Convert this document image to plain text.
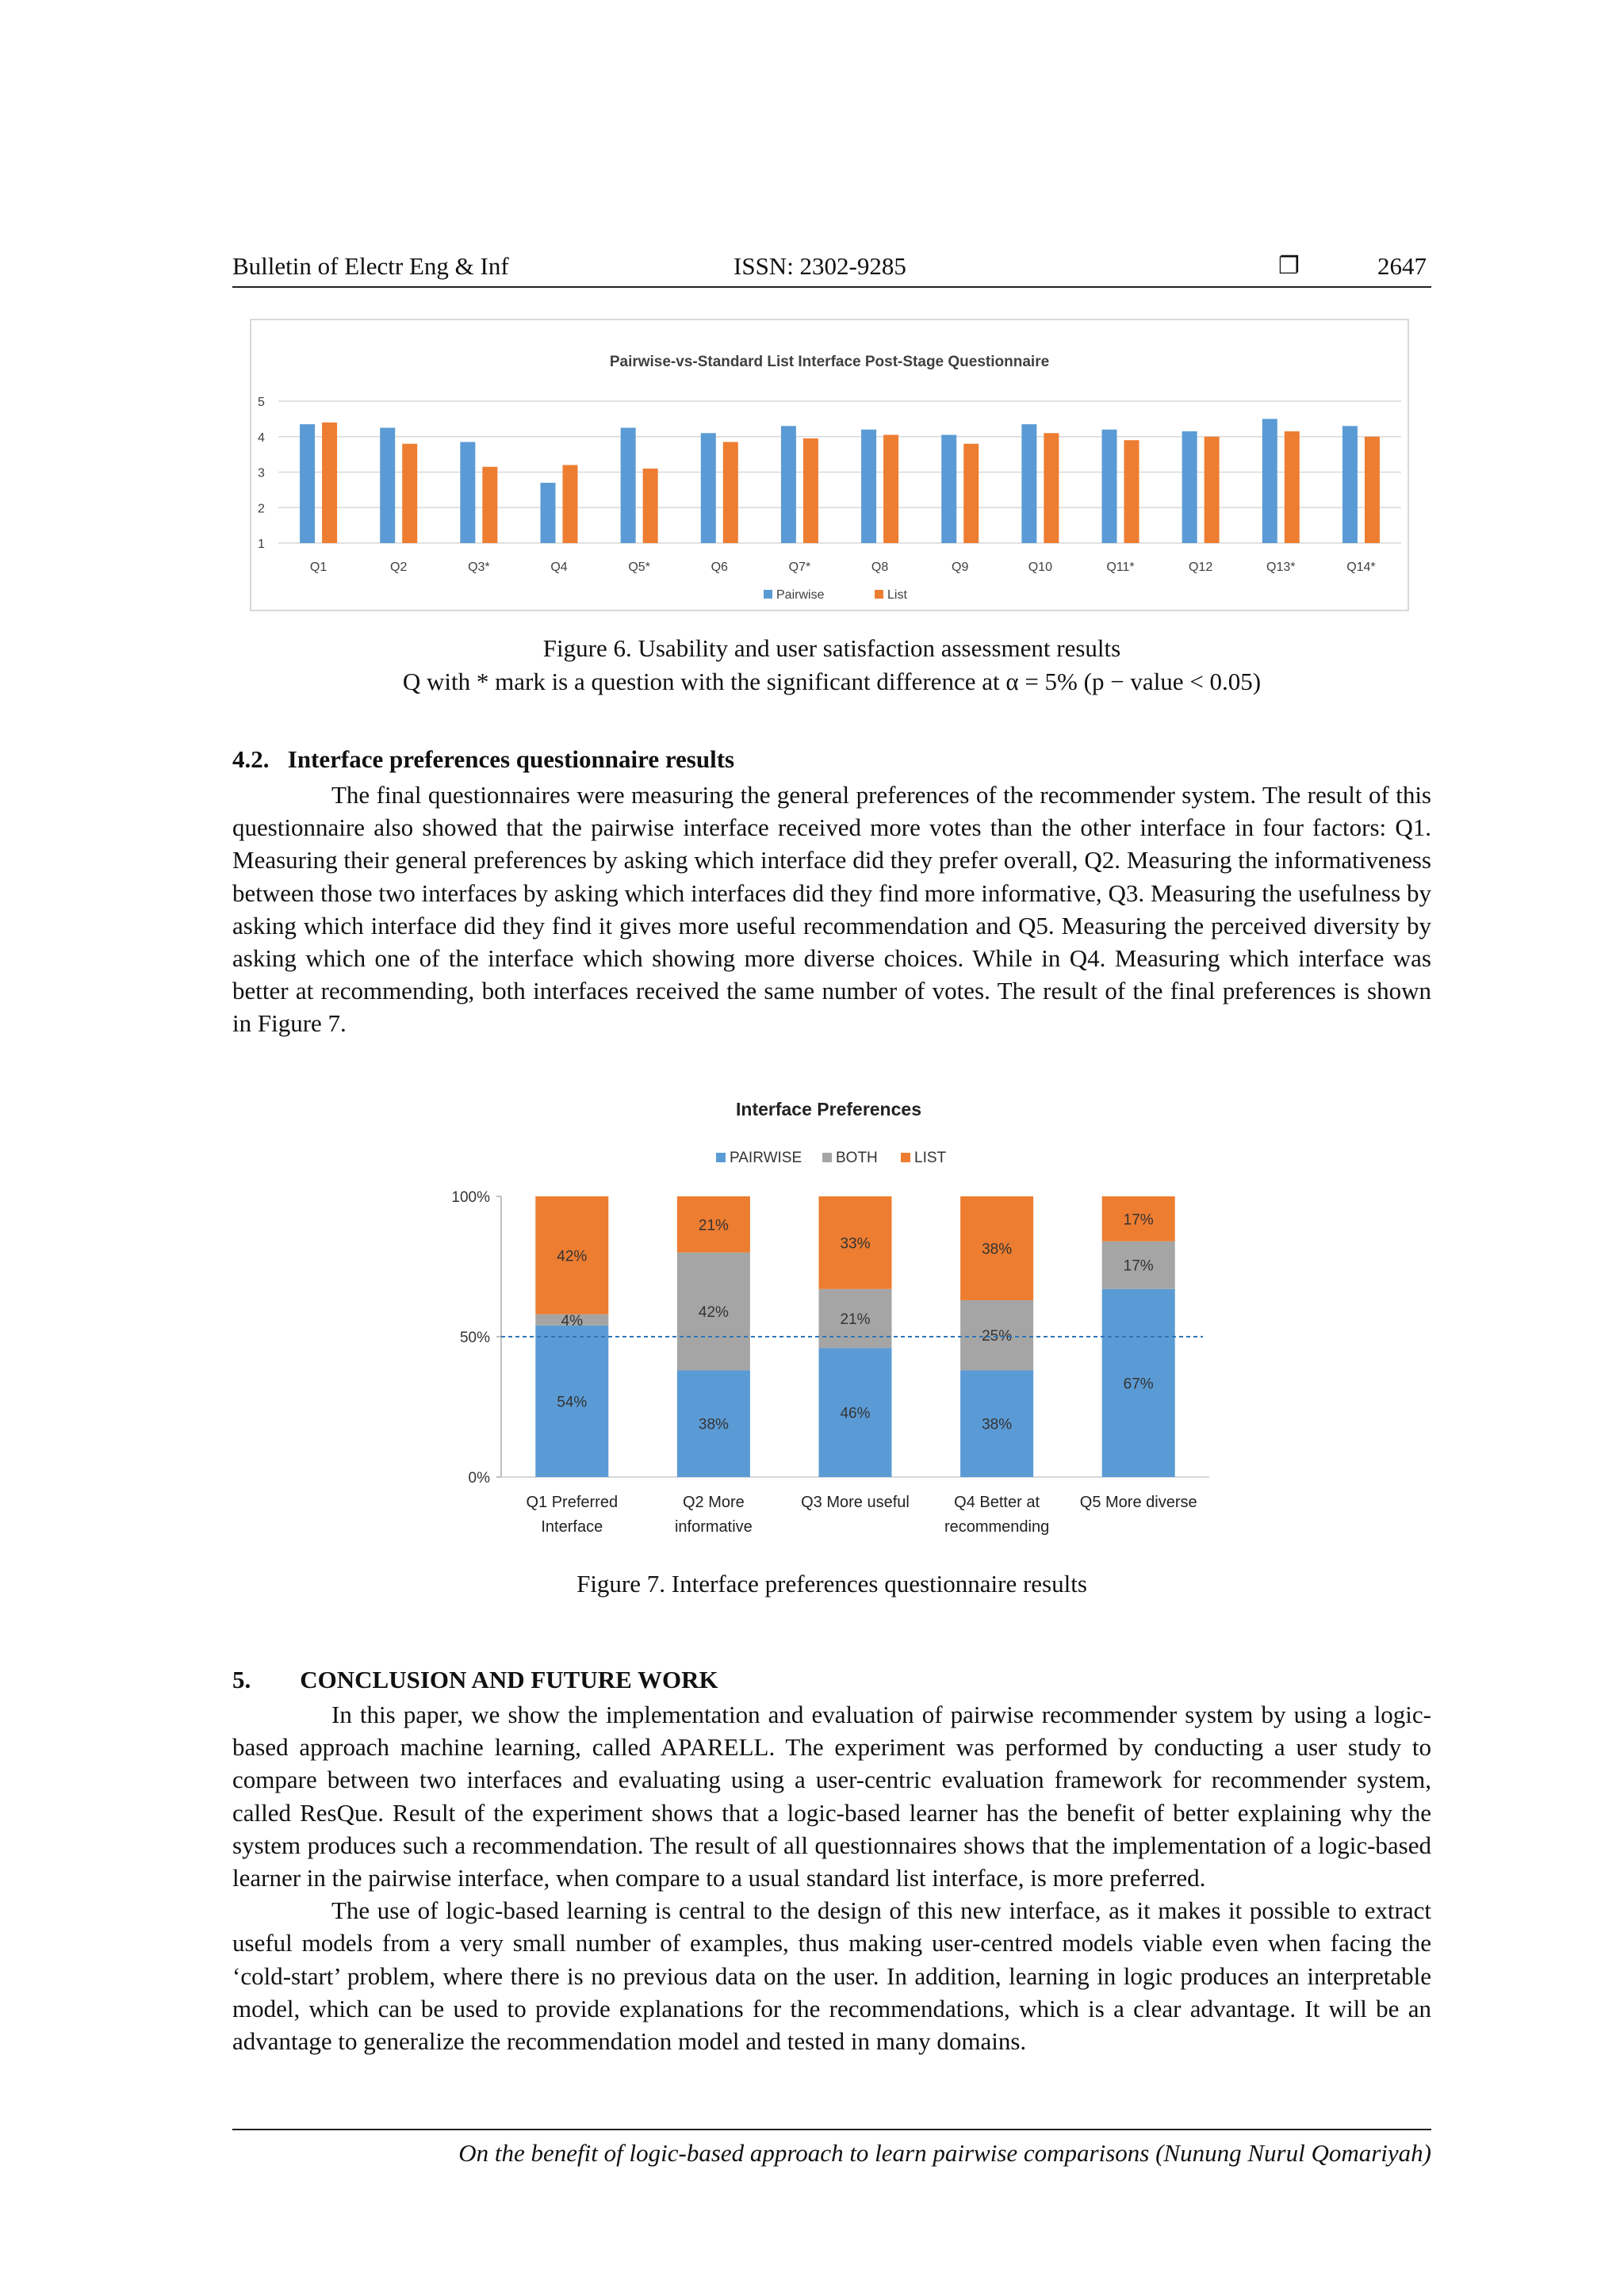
Bulletin of Electr Eng & Inf	ISSN: 2302-9285	❐	2647
Pairwise-vs-Standard List Interface Post-Stage Questionnaire
1
2
3
4
5
Q1	Q2	Q3*	Q4	Q5*	Q6	Q7*	Q8	Q9	Q10	Q11*	Q12	Q13*	Q14*
Pairwise	List
Figure 6. Usability and user satisfaction assessment results
Q with * mark is a question with the significant difference at α = 5% (p − value < 0.05)
4.2.   Interface preferences questionnaire results

The final questionnaires were measuring the general preferences of the recommender system. The result of this questionnaire also showed that the pairwise interface received more votes than the other interface in four factors: Q1. Measuring their general preferences by asking which interface did they prefer overall, Q2. Measuring the informativeness between those two interfaces by asking which interfaces did they find more informative, Q3. Measuring the usefulness by asking which interface did they find it gives more useful recommendation and Q5. Measuring the perceived diversity by asking which one of the interface which showing more diverse choices. While in Q4. Measuring which interface was better at recommending, both interfaces received the same number of votes. The result of the final preferences is shown in Figure 7.

Interface Preferences
PAIRWISE BOTH LIST
0%
50%
100%
54%
4%
42%
38%
42%
21%
46%
21%
33%
38%
25%
38%
67%
17%
17%
Q1 Preferred
Interface
Q2 More
informative
Q3 More useful	Q4 Better at
recommending
Q5 More diverse
Figure 7. Interface preferences questionnaire results
5.        CONCLUSION AND FUTURE WORK

In this paper, we show the implementation and evaluation of pairwise recommender system by using a logic-based approach machine learning, called APARELL. The experiment was performed by conducting a user study to compare between two interfaces and evaluating using a user-centric evaluation framework for recommender system, called ResQue. Result of the experiment shows that a logic-based learner has the benefit of better explaining why the system produces such a recommendation. The result of all questionnaires shows that the implementation of a logic-based learner in the pairwise interface, when compare to a usual standard list interface, is more preferred.

The use of logic-based learning is central to the design of this new interface, as it makes it possible to extract useful models from a very small number of examples, thus making user-centred models viable even when facing the ‘cold-start’ problem, where there is no previous data on the user. In addition, learning in logic produces an interpretable model, which can be used to provide explanations for the recommendations, which is a clear advantage. It will be an advantage to generalize the recommendation model and tested in many domains.

On the benefit of logic-based approach to learn pairwise comparisons (Nunung Nurul Qomariyah)
